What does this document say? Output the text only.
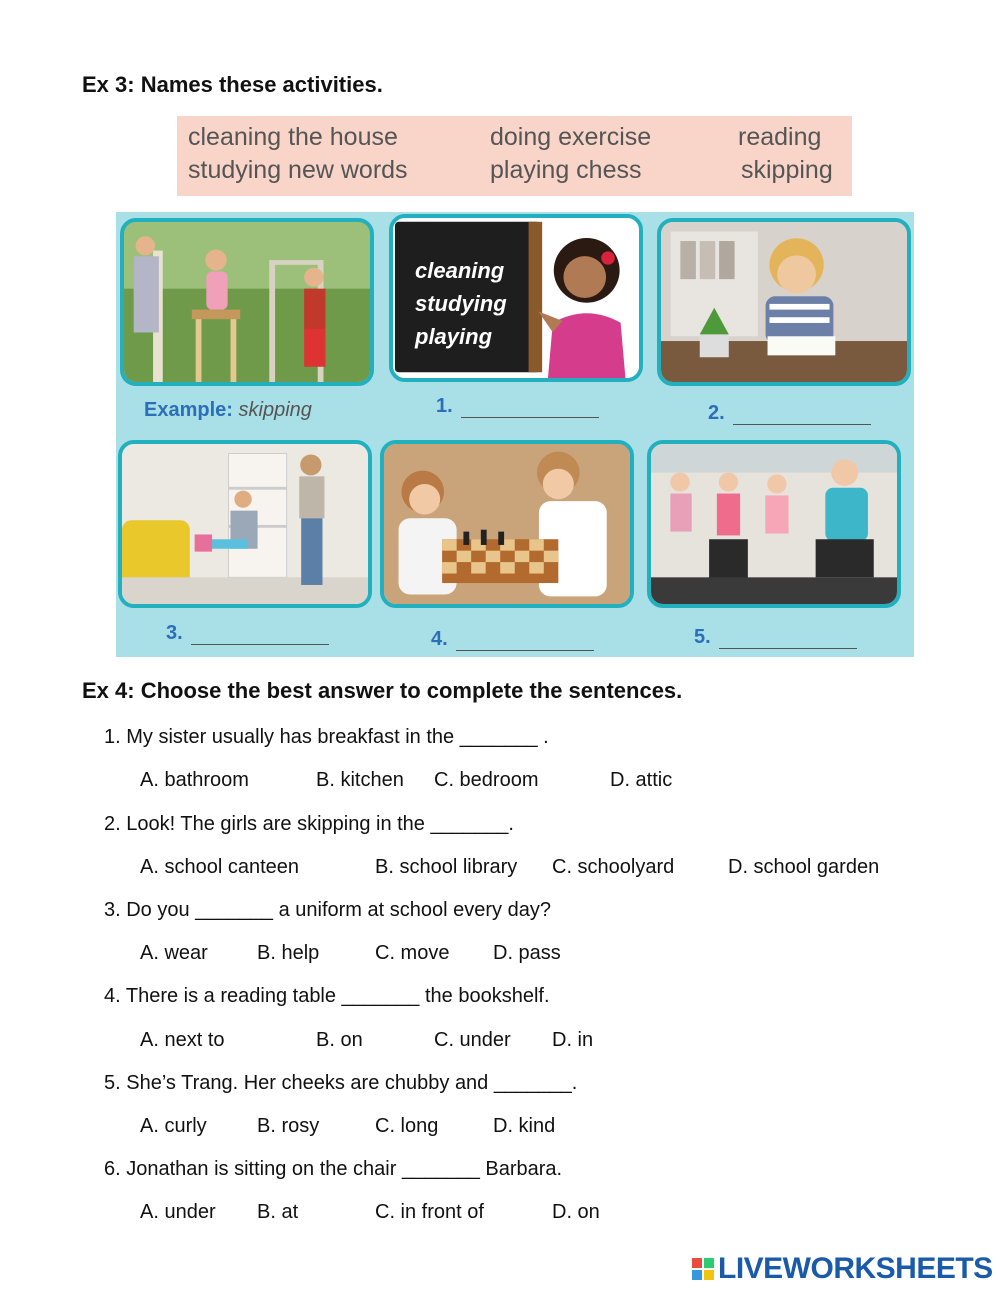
Ex 3: Names these activities.
cleaning the house	doing exercise	reading
studying new words	playing chess	skipping
cleaning
studying
playing
Example: skipping	1.	2.
3.	4.	5.
Ex 4: Choose the best answer to complete the sentences.
1. My sister usually has breakfast in the _______ .
A. bathroom	B. kitchen C. bedroom	D. attic
2. Look! The girls are skipping in the _______.
A. school canteen	B. school library C. schoolyard	D. school garden
3. Do you _______ a uniform at school every day?
A. wear B. help	C. move D. pass
4. There is a reading table _______ the bookshelf.
A. next to	B. on	C. under D. in
5. She’s Trang. Her cheeks are chubby and _______.
A. curly	B. rosy	C. long	D. kind
6. Jonathan is sitting on the chair _______ Barbara.
A. under B. at	C. in front of	D. on
LIVEWORKSHEETS
